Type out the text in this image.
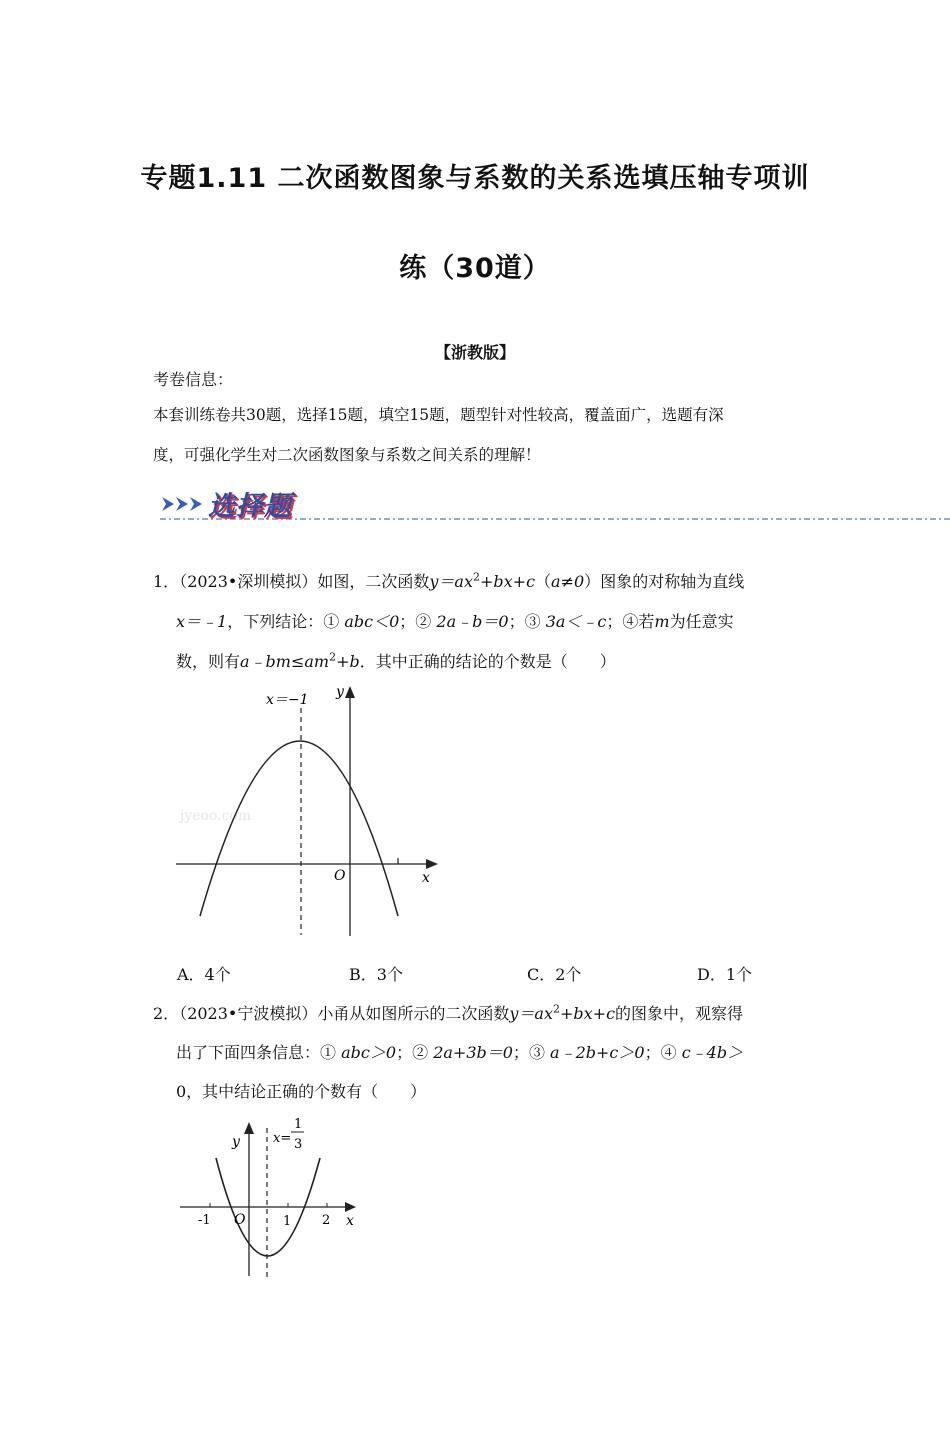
专题1.11 二次函数图象与系数的关系选填压轴专项训
练（30道）
【浙教版】
考卷信息：
本套训练卷共30题，选择15题，填空15题，题型针对性较高，覆盖面广，选题有深
度，可强化学生对二次函数图象与系数之间关系的理解！
选择题
1．（2023•深圳模拟）如图，二次函数$y=ax^2+bx+c(a\ne 0)$图象的对称轴为直线
x＝﹣1，下列结论：① abc＜0；② 2a﹣b＝0；③ 3a＜﹣c；④若m为任意实
数，则有$a﹣bm\le am^2+b$．其中正确的结论的个数是（　　）
jyeoo.com
x＝−1 y
x
O
A．4个	B．3个	C．2个	D．1个
2．（2023•宁波模拟）小甬从如图所示的二次函数$y=ax^2+bx+c$的图象中，观察得
出了下面四条信息：① abc＞0；② 2a+3b＝0；③ a﹣2b+c＞0；④ c﹣4b＞
0，其中结论正确的个数有（　　）
y	x=
1
3
-1 O	1 2 x
